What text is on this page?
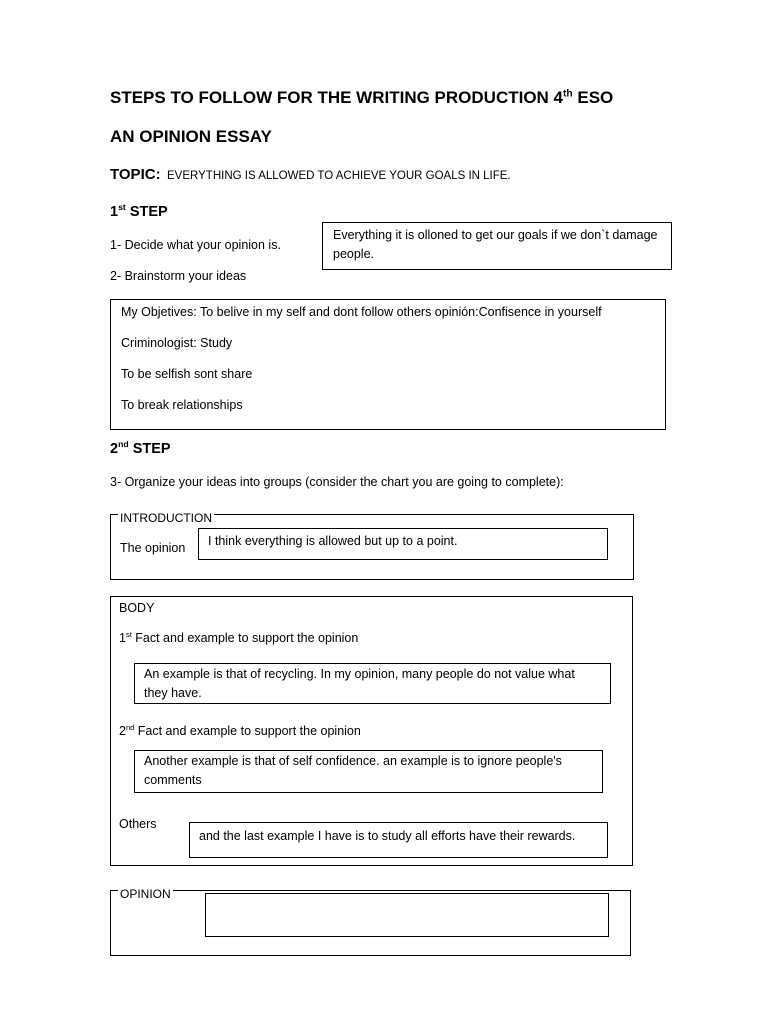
STEPS TO FOLLOW FOR THE WRITING PRODUCTION 4th ESO
AN OPINION ESSAY
TOPIC: EVERYTHING IS ALLOWED TO ACHIEVE YOUR GOALS IN LIFE.
1st STEP
1- Decide what your opinion is.
Everything it is olloned to get our goals if we don`t damage people.
2- Brainstorm your ideas
My Objetives: To belive in my self and dont follow others opinión:Confisence in yourself
Criminologist: Study
To be selfish sont share
To break relationships
2nd STEP
3- Organize your ideas into groups (consider the chart you are going to complete):
INTRODUCTION
The opinion	I think everything is allowed but up to a point.
BODY
1st Fact and example to support the opinion
An example is that of recycling. In my opinion, many people do not value what they have.
2nd Fact and example to support the opinion
Another example is that of self confidence. an example is to ignore people's comments
Others
and the last example I have is to study all efforts have their rewards.
OPINION
